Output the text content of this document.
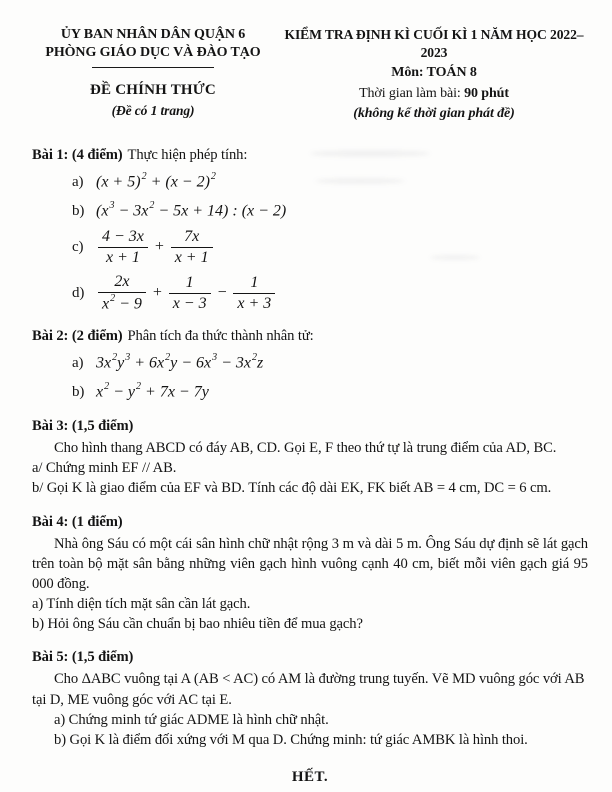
ỦY BAN NHÂN DÂN QUẬN 6
PHÒNG GIÁO DỤC VÀ ĐÀO TẠO
ĐỀ CHÍNH THỨC
(Đề có 1 trang)
KIỂM TRA ĐỊNH KÌ CUỐI KÌ 1 NĂM HỌC 2022–2023
Môn: TOÁN 8
Thời gian làm bài: 90 phút
(không kể thời gian phát đề)

Bài 1: (4 điểm) Thực hiện phép tính:

a) $(x + 5)^2 + (x - 2)^2$
b) $(x^3 - 3x^2 - 5x + 14)$ : (x − 2)
$c) \frac{4 - 3x}{x + 1} + \frac{7x}{x + 1}$
$d) \frac{2x}{x^2 - 9} + \frac{1}{x - 3} - \frac{1}{x + 3}$

Bài 2: (2 điểm) Phân tích đa thức thành nhân tử:

a) $3x^2y^3 + 6x^2y - 6x^3 - 3x^2z$
b) $x^2 - y^2 + 7x - 7y$

Bài 3: (1,5 điểm)

Cho hình thang ABCD có đáy AB, CD. Gọi E, F theo thứ tự là trung điểm của AD, BC.

a/ Chứng minh EF // AB.

b/ Gọi K là giao điểm của EF và BD. Tính các độ dài EK, FK biết AB = 4 cm, DC = 6 cm.

Bài 4: (1 điểm)

Nhà ông Sáu có một cái sân hình chữ nhật rộng 3 m và dài 5 m. Ông Sáu dự định sẽ lát gạch trên toàn bộ mặt sân bằng những viên gạch hình vuông cạnh 40 cm, biết mỗi viên gạch giá 95 000 đồng.

a) Tính diện tích mặt sân cần lát gạch.

b) Hỏi ông Sáu cần chuẩn bị bao nhiêu tiền để mua gạch?

Bài 5: (1,5 điểm)

Cho ΔABC vuông tại A (AB < AC) có AM là đường trung tuyến. Vẽ MD vuông góc với AB tại D, ME vuông góc với AC tại E.

a) Chứng minh tứ giác ADME là hình chữ nhật.

b) Gọi K là điểm đối xứng với M qua D. Chứng minh: tứ giác AMBK là hình thoi.

HẾT.
